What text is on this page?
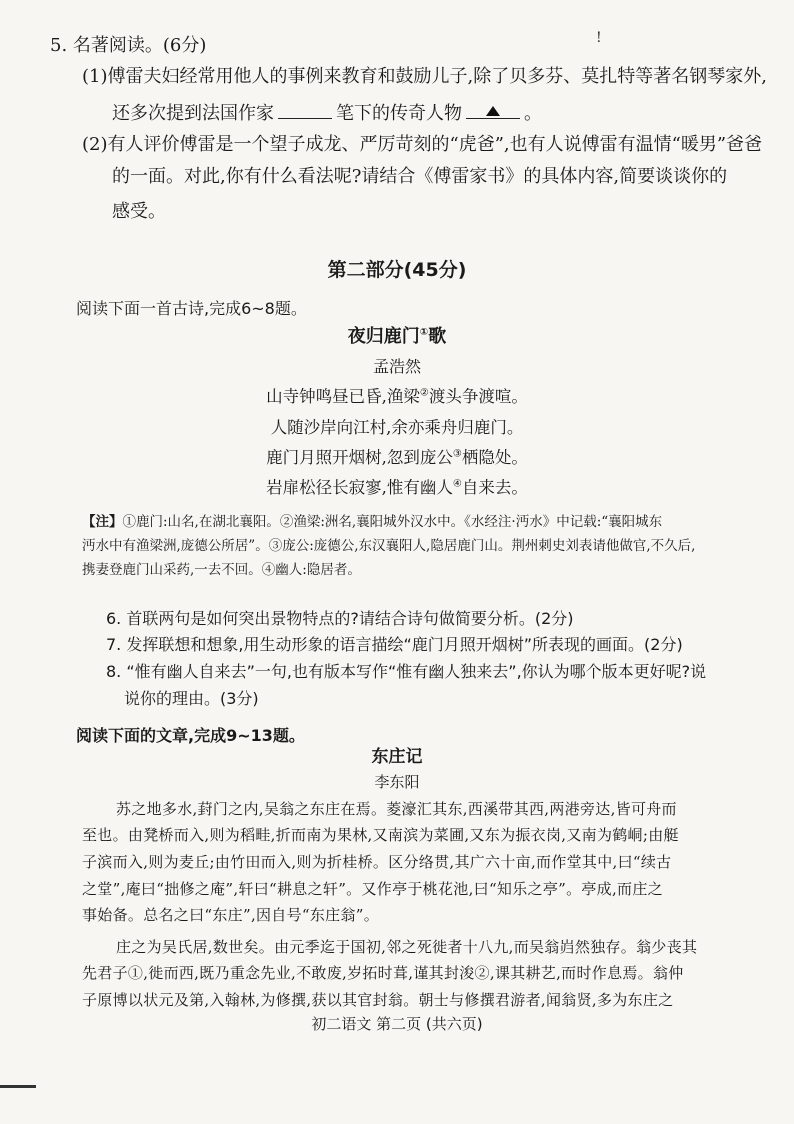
!
5. 名著阅读。(6分)
(1)傅雷夫妇经常用他人的事例来教育和鼓励儿子,除了贝多芬、莫扎特等著名钢琴家外,
还多次提到法国作家	笔下的传奇人物	。
(2)有人评价傅雷是一个望子成龙、严厉苛刻的“虎爸”,也有人说傅雷有温情“暖男”爸爸
的一面。对此,你有什么看法呢?请结合《傅雷家书》的具体内容,简要谈谈你的
感受。
第二部分(45分)
阅读下面一首古诗,完成6~8题。
夜归鹿门①歌
孟浩然
山寺钟鸣昼已昏,渔梁②渡头争渡喧。
人随沙岸向江村,余亦乘舟归鹿门。
鹿门月照开烟树,忽到庞公③栖隐处。
岩扉松径长寂寥,惟有幽人④自来去。
【注】①鹿门:山名,在湖北襄阳。②渔梁:洲名,襄阳城外汉水中。《水经注·沔水》中记载:“襄阳城东
沔水中有渔梁洲,庞德公所居”。③庞公:庞德公,东汉襄阳人,隐居鹿门山。荆州刺史刘表请他做官,不久后,
携妻登鹿门山采药,一去不回。④幽人:隐居者。
6. 首联两句是如何突出景物特点的?请结合诗句做简要分析。(2分)
7. 发挥联想和想象,用生动形象的语言描绘“鹿门月照开烟树”所表现的画面。(2分)
8. “惟有幽人自来去”一句,也有版本写作“惟有幽人独来去”,你认为哪个版本更好呢?说
说你的理由。(3分)
阅读下面的文章,完成9~13题。
东庄记
李东阳
苏之地多水,葑门之内,吴翁之东庄在焉。菱濠汇其东,西溪带其西,两港旁达,皆可舟而
至也。由凳桥而入,则为稻畦,折而南为果林,又南滨为菜圃,又东为振衣岗,又南为鹤峒;由艇
子滨而入,则为麦丘;由竹田而入,则为折桂桥。区分络贯,其广六十亩,而作堂其中,曰“续古
之堂”,庵曰“拙修之庵”,轩曰“耕息之轩”。又作亭于桃花池,曰“知乐之亭”。亭成,而庄之
事始备。总名之曰“东庄”,因自号“东庄翁”。
庄之为吴氏居,数世矣。由元季迄于国初,邻之死徙者十八九,而吴翁岿然独存。翁少丧其
先君子①,徙而西,既乃重念先业,不敢废,岁拓时葺,谨其封浚②,课其耕艺,而时作息焉。翁仲
子原博以状元及第,入翰林,为修撰,获以其官封翁。朝士与修撰君游者,闻翁贤,多为东庄之
初二语文 第二页 (共六页)
